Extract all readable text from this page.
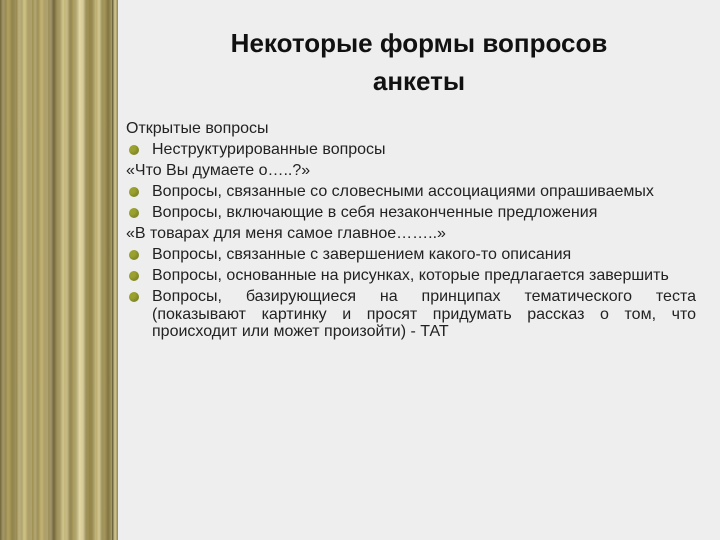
Некоторые формы вопросов
анкеты
Открытые вопросы
Неструктурированные вопросы
«Что Вы думаете о…..?»
Вопросы, связанные со словесными ассоциациями опрашиваемых
Вопросы, включающие в себя незаконченные предложения
«В товарах для меня самое главное……..»
Вопросы, связанные с завершением какого-то описания
Вопросы, основанные на рисунках, которые предлагается завершить
Вопросы, базирующиеся на принципах тематического теста (показывают картинку и просят придумать рассказ о том, что происходит или может произойти) - ТАТ
